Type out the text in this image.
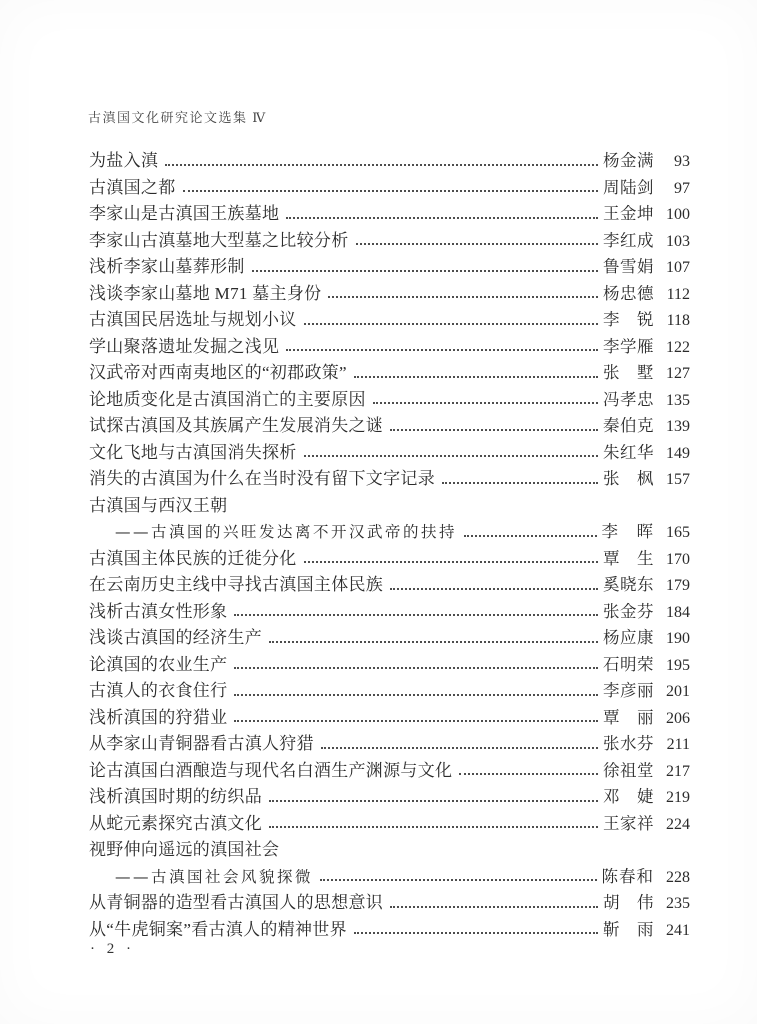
古滇国文化研究论文选集 Ⅳ
为盐入滇	杨金满	93
古滇国之都	周陆剑	97
李家山是古滇国王族墓地	王金坤 100
李家山古滇墓地大型墓之比较分析	李红成 103
浅析李家山墓葬形制	鲁雪娟 107
浅谈李家山墓地 M71 墓主身份	杨忠德 112
古滇国民居选址与规划小议	李　锐 118
学山聚落遗址发掘之浅见	李学雁 122
汉武帝对西南夷地区的“初郡政策”	张　墅 127
论地质变化是古滇国消亡的主要原因	冯孝忠 135
试探古滇国及其族属产生发展消失之谜	秦伯克 139
文化飞地与古滇国消失探析	朱红华 149
消失的古滇国为什么在当时没有留下文字记录	张　枫 157
古滇国与西汉王朝
——古滇国的兴旺发达离不开汉武帝的扶持	李　晖 165
古滇国主体民族的迁徙分化	覃　生 170
在云南历史主线中寻找古滇国主体民族	奚晓东 179
浅析古滇女性形象	张金芬 184
浅谈古滇国的经济生产	杨应康 190
论滇国的农业生产	石明荣 195
古滇人的衣食住行	李彦丽 201
浅析滇国的狩猎业	覃　丽 206
从李家山青铜器看古滇人狩猎	张水芬 211
论古滇国白酒酿造与现代名白酒生产渊源与文化	徐祖堂 217
浅析滇国时期的纺织品	邓　婕 219
从蛇元素探究古滇文化	王家祥 224
视野伸向遥远的滇国社会
——古滇国社会风貌探微	陈春和 228
从青铜器的造型看古滇国人的思想意识	胡　伟 235
从“牛虎铜案”看古滇人的精神世界	靳　雨 241
· 2 ·
